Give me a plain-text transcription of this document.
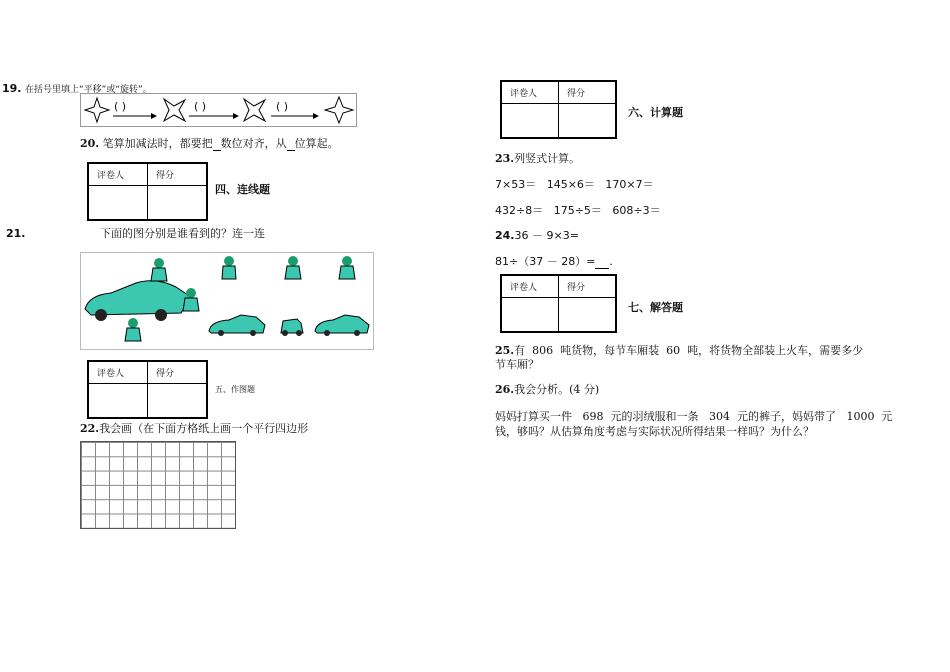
19. 在括号里填上“平移”或“旋转”。
( )	( )	( )
20. 笔算加减法时，都要把 数位对齐，从 位算起。
评卷人	得分

四、连线题
21.	下面的图分别是谁看到的？连一连
评卷人	得分

五、作图题
22.我会画（在下面方格纸上画一个平行四边形
评卷人	得分

六、计算题
23.列竖式计算。
7×53＝   145×6＝   170×7＝
432÷8＝   175÷5＝   608÷3＝
24.36 － 9×3=
81÷（37 － 28）= .
评卷人	得分

七、解答题
25.有  806  吨货物，每节车厢装  60  吨，将货物全部装上火车，需要多少
节车厢？
26.我会分析。(4 分)
妈妈打算买一件   698  元的羽绒服和一条   304  元的裤子，妈妈带了   1000  元
钱，够吗？从估算角度考虑与实际状况所得结果一样吗？为什么？
